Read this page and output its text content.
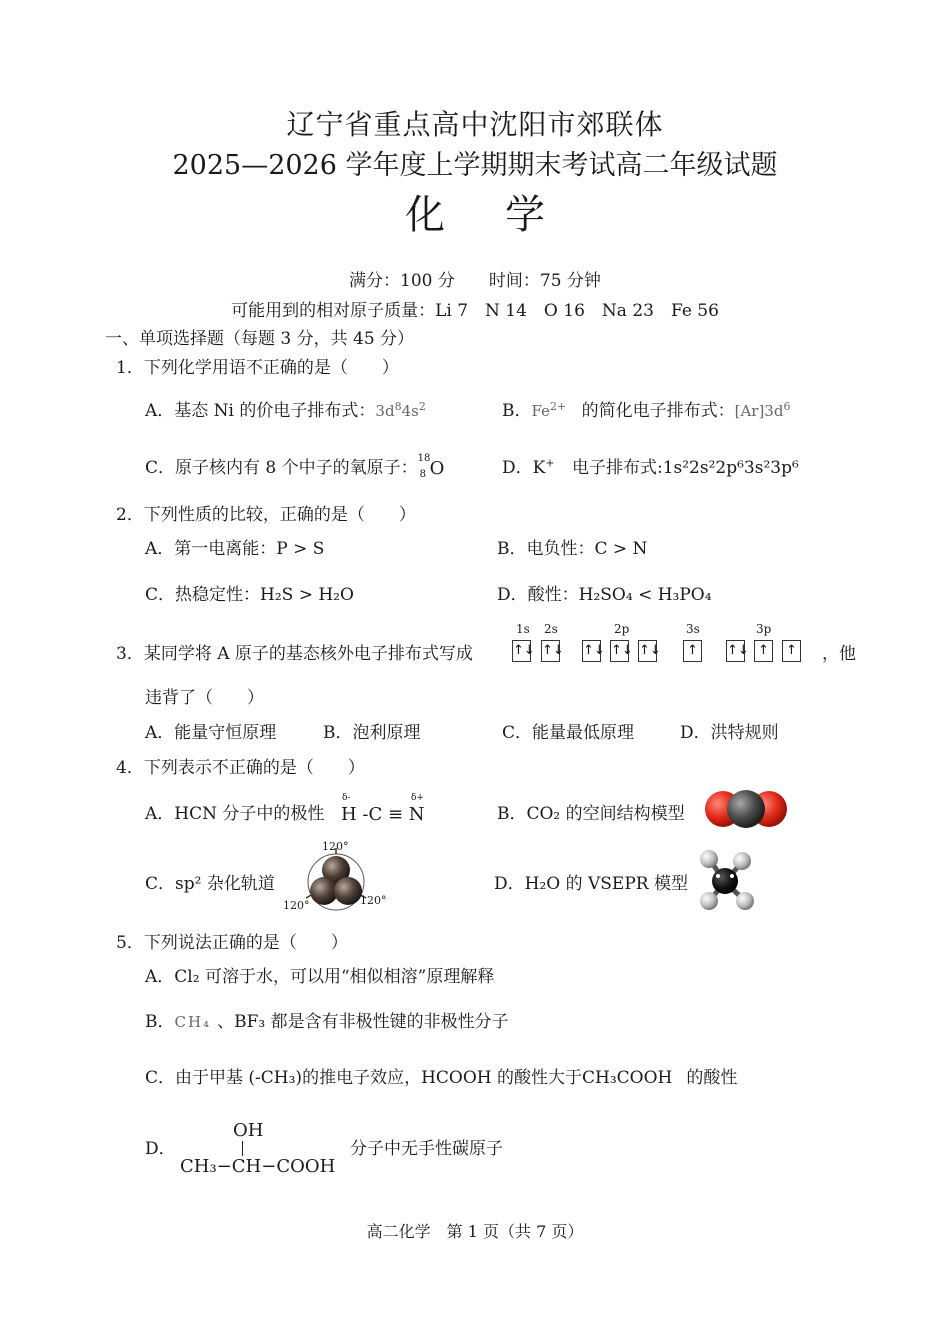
辽宁省重点高中沈阳市郊联体
2025—2026 学年度上学期期末考试高二年级试题
化学
满分：100 分　　时间：75 分钟
可能用到的相对原子质量：Li 7　N 14　O 16　Na 23　Fe 56
一、单项选择题（每题 3 分，共 45 分）
1．下列化学用语不正确的是（　　）
A．基态 Ni 的价电子排布式：$3d^84s^2$	B．$Fe^{2+}$ 的简化电子排布式：$[Ar]3d^6$
C．原子核内有 8 个中子的氧原子： 18
8 O	D．K+ 电子排布式:1s²2s²2p⁶3s²3p⁶
2．下列性质的比较，正确的是（　　）
A．第一电离能：P > S	B．电负性：C > N
C．热稳定性：H₂S > H₂O	D．酸性：H₂SO₄ < H₃PO₄
3．某同学将 A 原子的基态核外电子排布式写成
1s 2s	2p	3s	3p
↑↓ ↑↓ ↑↓ ↑↓ ↑↓	↑	↑↓ ↑	↑ ，他
违背了（　　）
A．能量守恒原理	B．泡利原理	C．能量最低原理	D．洪特规则
4．下列表示不正确的是（　　）
A．HCN 分子中的极性
δ-	δ+
H -C ≡ N	B．CO₂ 的空间结构模型
C．sp² 杂化轨道
120°
120°	120°
D．H₂O 的 VSEPR 模型
5．下列说法正确的是（　　）
A．Cl₂ 可溶于水，可以用“相似相溶”原理解释
B．CH₄ 、BF₃ 都是含有非极性键的非极性分子
C．由于甲基 (-CH₃)的推电子效应，HCOOH 的酸性大于CH₃COOH 的酸性
D．
OH
CH₃−CH−COOH
分子中无手性碳原子
高二化学　第 1 页（共 7 页）
